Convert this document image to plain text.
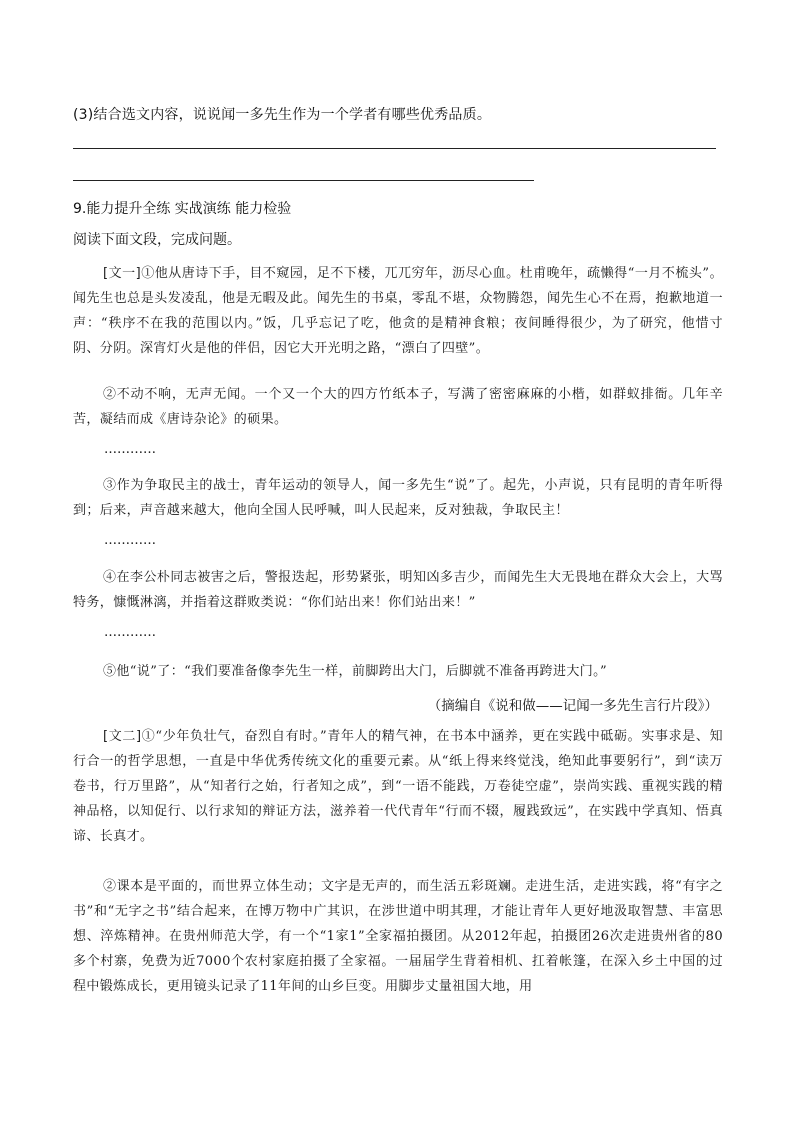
(3)结合选文内容，说说闻一多先生作为一个学者有哪些优秀品质。
9.能力提升全练 实战演练 能力检验
阅读下面文段，完成问题。
[文一]①他从唐诗下手，目不窥园，足不下楼，兀兀穷年，沥尽心血。杜甫晚年，疏懒得“一月不梳头”。闻先生也总是头发凌乱，他是无暇及此。闻先生的书桌，零乱不堪，众物腾怨，闻先生心不在焉，抱歉地道一声：“秩序不在我的范围以内。”饭，几乎忘记了吃，他贪的是精神食粮；夜间睡得很少，为了研究，他惜寸阴、分阴。深宵灯火是他的伴侣，因它大开光明之路，“漂白了四壁”。
②不动不响，无声无闻。一个又一个大的四方竹纸本子，写满了密密麻麻的小楷，如群蚁排衙。几年辛苦，凝结而成《唐诗杂论》的硕果。
…………
③作为争取民主的战士，青年运动的领导人，闻一多先生“说”了。起先，小声说，只有昆明的青年听得到；后来，声音越来越大，他向全国人民呼喊，叫人民起来，反对独裁，争取民主！
…………
④在李公朴同志被害之后，警报迭起，形势紧张，明知凶多吉少，而闻先生大无畏地在群众大会上，大骂特务，慷慨淋漓，并指着这群败类说：“你们站出来！你们站出来！”
…………
⑤他“说”了：“我们要准备像李先生一样，前脚跨出大门，后脚就不准备再跨进大门。”
（摘编自《说和做——记闻一多先生言行片段》）
[文二]①“少年负壮气，奋烈自有时。”青年人的精气神，在书本中涵养，更在实践中砥砺。实事求是、知行合一的哲学思想，一直是中华优秀传统文化的重要元素。从“纸上得来终觉浅，绝知此事要躬行”，到“读万卷书，行万里路”，从“知者行之始，行者知之成”，到“一语不能践，万卷徒空虚”，崇尚实践、重视实践的精神品格，以知促行、以行求知的辩证方法，滋养着一代代青年“行而不辍，履践致远”，在实践中学真知、悟真谛、长真才。
②课本是平面的，而世界立体生动；文字是无声的，而生活五彩斑斓。走进生活，走进实践，将“有字之书”和“无字之书”结合起来，在博万物中广其识，在涉世道中明其理，才能让青年人更好地汲取智慧、丰富思想、淬炼精神。在贵州师范大学，有一个“1家1”全家福拍摄团。从2012年起，拍摄团26次走进贵州省的80多个村寨，免费为近7000个农村家庭拍摄了全家福。一届届学生背着相机、扛着帐篷，在深入乡土中国的过程中锻炼成长，更用镜头记录了11年间的山乡巨变。用脚步丈量祖国大地，用
